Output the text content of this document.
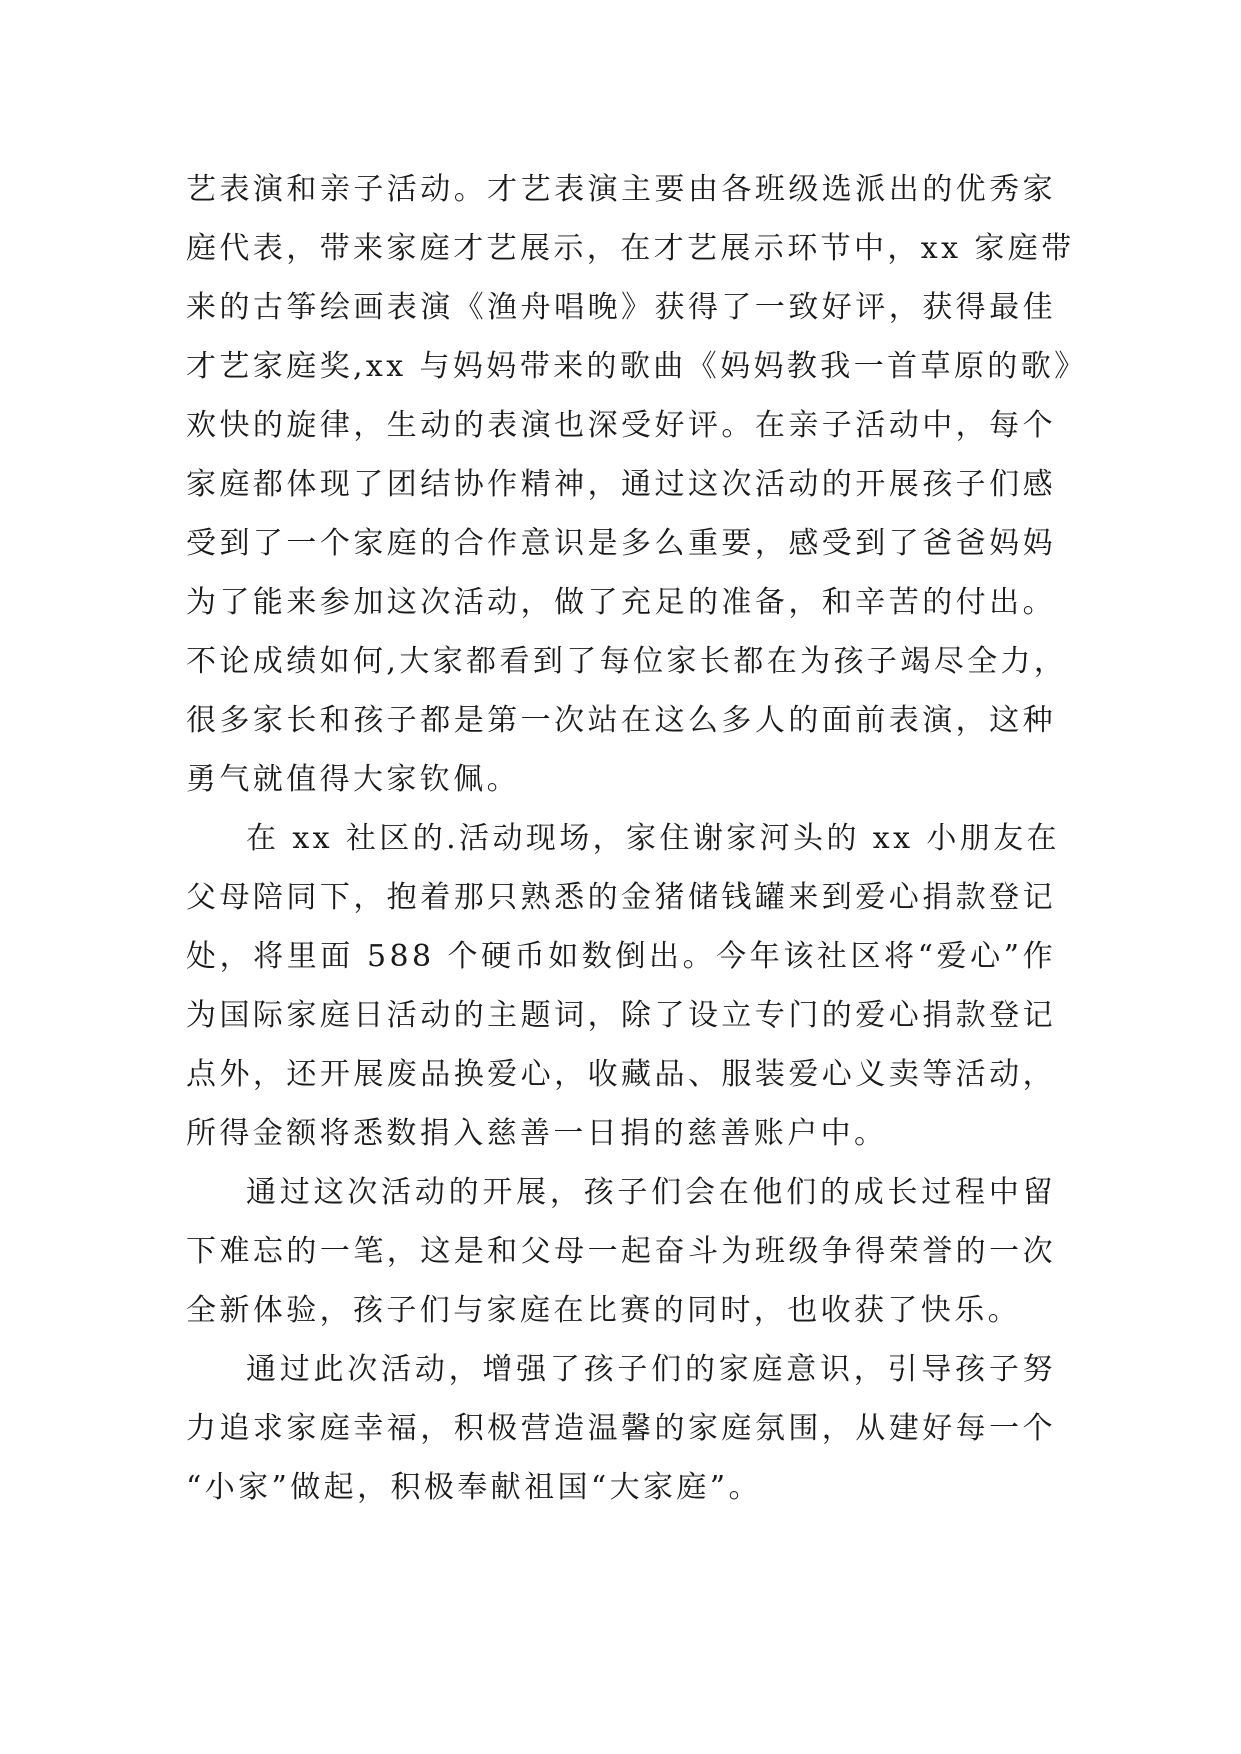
艺表演和亲子活动。才艺表演主要由各班级选派出的优秀家
庭代表，带来家庭才艺展示，在才艺展示环节中，xx 家庭带
来的古筝绘画表演《渔舟唱晚》获得了一致好评，获得最佳
才艺家庭奖,xx 与妈妈带来的歌曲《妈妈教我一首草原的歌》
欢快的旋律，生动的表演也深受好评。在亲子活动中，每个
家庭都体现了团结协作精神，通过这次活动的开展孩子们感
受到了一个家庭的合作意识是多么重要，感受到了爸爸妈妈
为了能来参加这次活动，做了充足的准备，和辛苦的付出。
不论成绩如何,大家都看到了每位家长都在为孩子竭尽全力，
很多家长和孩子都是第一次站在这么多人的面前表演，这种
勇气就值得大家钦佩。
在 xx 社区的.活动现场，家住谢家河头的 xx 小朋友在
父母陪同下，抱着那只熟悉的金猪储钱罐来到爱心捐款登记
处，将里面 588 个硬币如数倒出。今年该社区将“爱心”作
为国际家庭日活动的主题词，除了设立专门的爱心捐款登记
点外，还开展废品换爱心，收藏品、服装爱心义卖等活动，
所得金额将悉数捐入慈善一日捐的慈善账户中。
通过这次活动的开展，孩子们会在他们的成长过程中留
下难忘的一笔，这是和父母一起奋斗为班级争得荣誉的一次
全新体验，孩子们与家庭在比赛的同时，也收获了快乐。
通过此次活动，增强了孩子们的家庭意识，引导孩子努
力追求家庭幸福，积极营造温馨的家庭氛围，从建好每一个
“小家”做起，积极奉献祖国“大家庭”。
